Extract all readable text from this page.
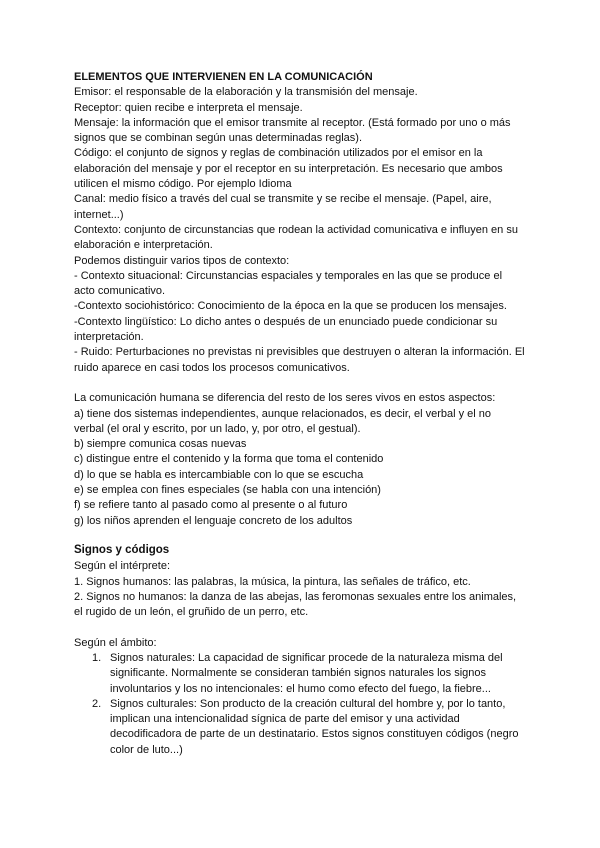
ELEMENTOS QUE INTERVIENEN EN LA COMUNICACIÓN
Emisor: el responsable de la elaboración y la transmisión del mensaje.
Receptor: quien recibe e interpreta el mensaje.
Mensaje: la información que el emisor transmite al receptor. (Está formado por uno o más
signos que se combinan según unas determinadas reglas).
Código: el conjunto de signos y reglas de combinación utilizados por el emisor en la
elaboración del mensaje y por el receptor en su interpretación. Es necesario que ambos
utilicen el mismo código. Por ejemplo Idioma
Canal: medio físico a través del cual se transmite y se recibe el mensaje. (Papel, aire,
internet...)
Contexto: conjunto de circunstancias que rodean la actividad comunicativa e influyen en su
elaboración e interpretación.
Podemos distinguir varios tipos de contexto:
- Contexto situacional: Circunstancias espaciales y temporales en las que se produce el
acto comunicativo.
-Contexto sociohistórico: Conocimiento de la época en la que se producen los mensajes.
-Contexto lingüístico: Lo dicho antes o después de un enunciado puede condicionar su
interpretación.
- Ruido: Perturbaciones no previstas ni previsibles que destruyen o alteran la información. El
ruido aparece en casi todos los procesos comunicativos.
La comunicación humana se diferencia del resto de los seres vivos en estos aspectos:
a) tiene dos sistemas independientes, aunque relacionados, es decir, el verbal y el no
verbal (el oral y escrito, por un lado, y, por otro, el gestual).
b) siempre comunica cosas nuevas
c) distingue entre el contenido y la forma que toma el contenido
d) lo que se habla es intercambiable con lo que se escucha
e) se emplea con fines especiales (se habla con una intención)
f) se refiere tanto al pasado como al presente o al futuro
g) los niños aprenden el lenguaje concreto de los adultos
Signos y códigos
Según el intérprete:
1. Signos humanos: las palabras, la música, la pintura, las señales de tráfico, etc.
2. Signos no humanos: la danza de las abejas, las feromonas sexuales entre los animales,
el rugido de un león, el gruñido de un perro, etc.
Según el ámbito:
1. Signos naturales: La capacidad de significar procede de la naturaleza misma del
significante. Normalmente se consideran también signos naturales los signos
involuntarios y los no intencionales: el humo como efecto del fuego, la fiebre...
2. Signos culturales: Son producto de la creación cultural del hombre y, por lo tanto,
implican una intencionalidad sígnica de parte del emisor y una actividad
decodificadora de parte de un destinatario. Estos signos constituyen códigos (negro
color de luto...)
